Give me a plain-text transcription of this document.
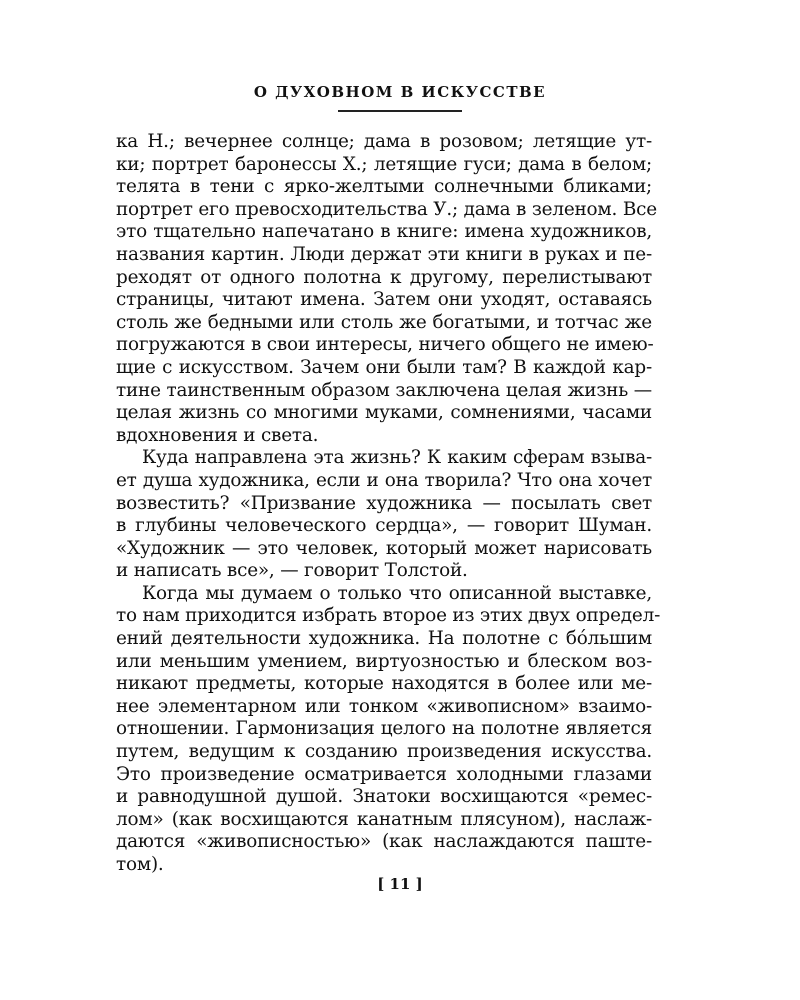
О ДУХОВНОМ В ИСКУССТВЕ
ка Н.; вечернее солнце; дама в розовом; летящие ут-
ки; портрет баронессы X.; летящие гуси; дама в белом;
телята в тени с ярко-желтыми солнечными бликами;
портрет его превосходительства У.; дама в зеленом. Все
это тщательно напечатано в книге: имена художников,
названия картин. Люди держат эти книги в руках и пе-
реходят от одного полотна к другому, перелистывают
страницы, читают имена. Затем они уходят, оставаясь
столь же бедными или столь же богатыми, и тотчас же
погружаются в свои интересы, ничего общего не имею-
щие с искусством. Зачем они были там? В каждой кар-
тине таинственным образом заключена целая жизнь —
целая жизнь со многими муками, сомнениями, часами
вдохновения и света.
Куда направлена эта жизнь? К каким сферам взыва-
ет душа художника, если и она творила? Что она хочет
возвестить? «Призвание художника — посылать свет
в глубины человеческого сердца», — говорит Шуман.
«Художник — это человек, который может нарисовать
и написать все», — говорит Толстой.
Когда мы думаем о только что описанной выставке,
то нам приходится избрать второе из этих двух определ-
ений деятельности художника. На полотне с бóльшим
или меньшим умением, виртуозностью и блеском воз-
никают предметы, которые находятся в более или ме-
нее элементарном или тонком «живописном» взаимо-
отношении. Гармонизация целого на полотне является
путем, ведущим к созданию произведения искусства.
Это произведение осматривается холодными глазами
и равнодушной душой. Знатоки восхищаются «ремес-
лом» (как восхищаются канатным плясуном), наслаж-
даются «живописностью» (как наслаждаются паште-
том).
[ 11 ]
